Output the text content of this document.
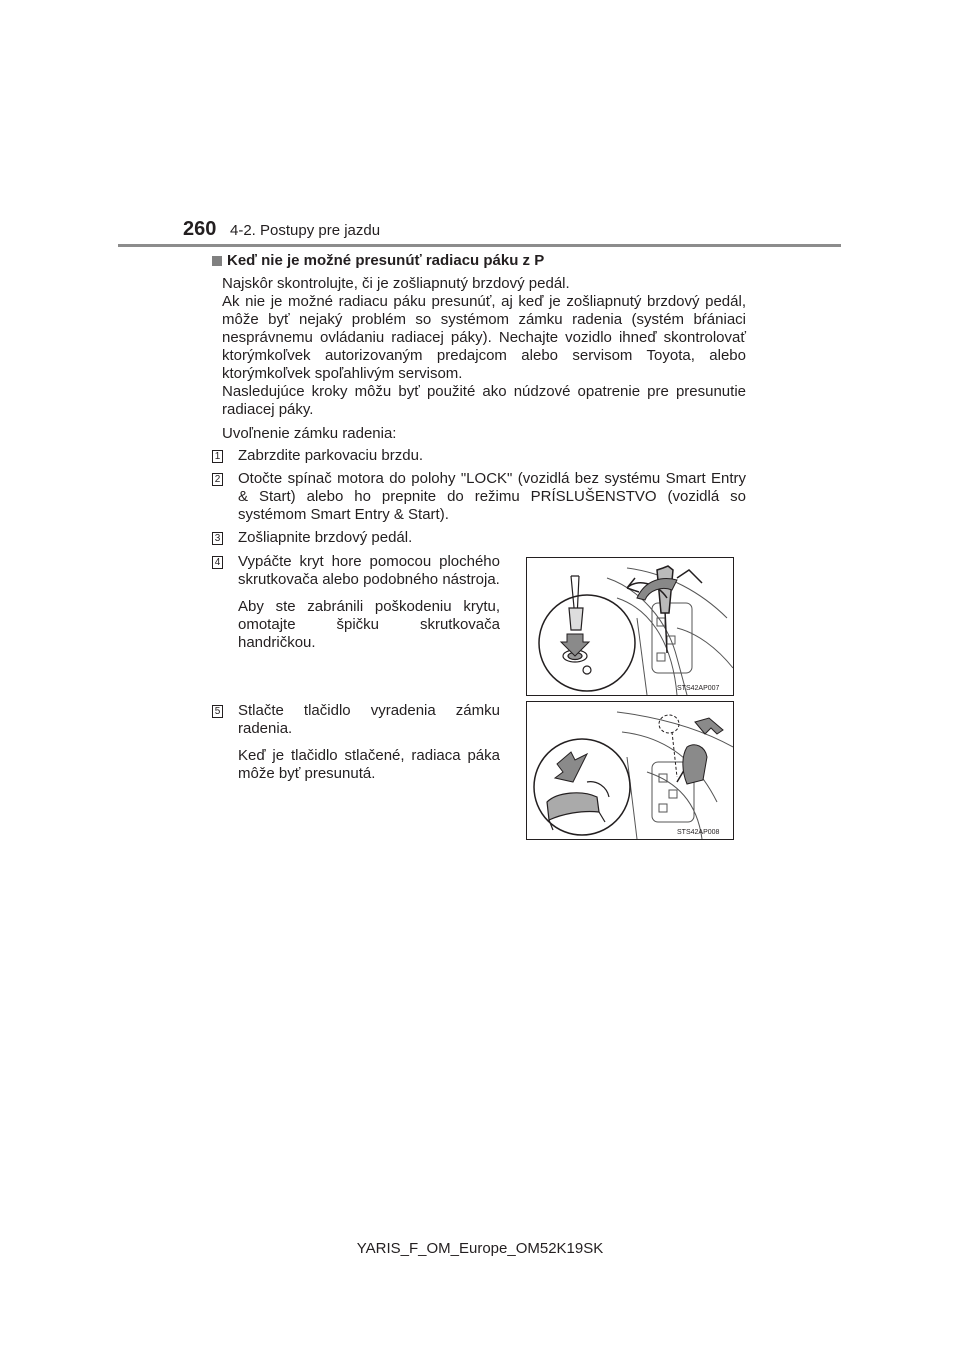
260 4-2. Postupy pre jazdu
Keď nie je možné presunúť radiacu páku z P
Najskôr skontrolujte, či je zošliapnutý brzdový pedál.
Ak nie je možné radiacu páku presunúť, aj keď je zošliapnutý brzdový pedál, môže byť nejaký problém so systémom zámku radenia (systém bŕániaci nesprávnemu ovládaniu radiacej páky). Nechajte vozidlo ihneď skontrolovať ktorýmkoľvek autorizovaným predajcom alebo servisom Toyota, alebo ktorýmkoľvek spoľahlivým servisom.
Nasledujúce kroky môžu byť použité ako núdzové opatrenie pre presunutie radiacej páky.
Uvoľnenie zámku radenia:
1 Zabrzdite parkovaciu brzdu.
2 Otočte spínač motora do polohy "LOCK" (vozidlá bez systému Smart Entry & Start) alebo ho prepnite do režimu PRÍSLUŠENSTVO (vozidlá so systémom Smart Entry & Start).
3 Zošliapnite brzdový pedál.
4 Vypáčte kryt hore pomocou plochého skrutkovača alebo podobného nástroja.
Aby ste zabránili poškodeniu krytu, omotajte špičku skrutkovača handričkou.
5 Stlačte tlačidlo vyradenia zámku radenia.
Keď je tlačidlo stlačené, radiaca páka môže byť presunutá.
STS42AP007
STS42AP008
YARIS_F_OM_Europe_OM52K19SK
